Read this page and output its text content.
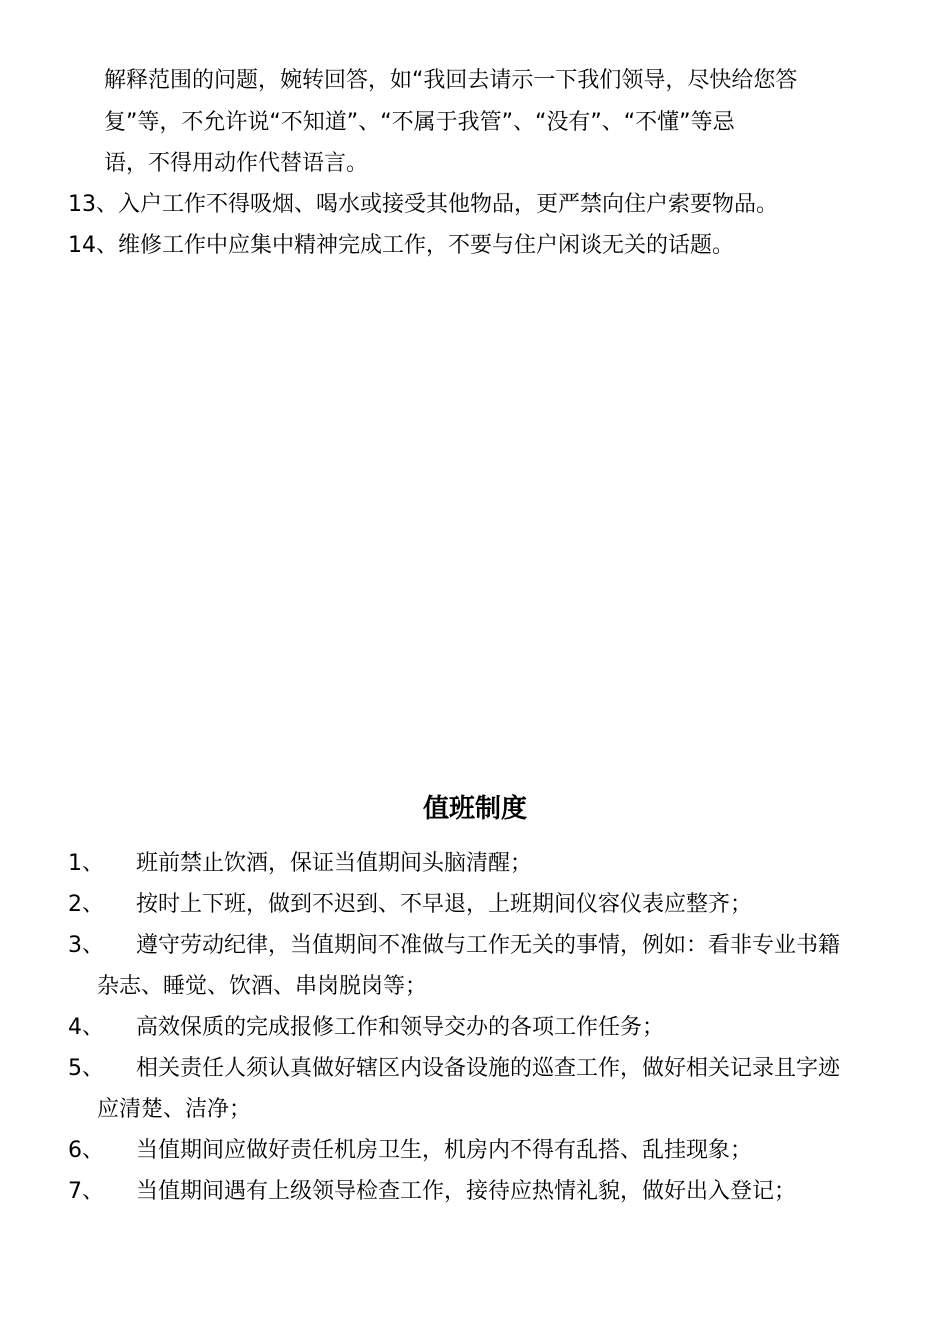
解释范围的问题，婉转回答，如“我回去请示一下我们领导，尽快给您答
复”等，不允许说“不知道”、“不属于我管”、“没有”、“不懂”等忌
语，不得用动作代替语言。
13、入户工作不得吸烟、喝水或接受其他物品，更严禁向住户索要物品。
14、维修工作中应集中精神完成工作，不要与住户闲谈无关的话题。
值班制度
1、 班前禁止饮酒，保证当值期间头脑清醒；
2、 按时上下班，做到不迟到、不早退，上班期间仪容仪表应整齐；
3、 遵守劳动纪律，当值期间不准做与工作无关的事情，例如：看非专业书籍
杂志、睡觉、饮酒、串岗脱岗等；
4、 高效保质的完成报修工作和领导交办的各项工作任务；
5、 相关责任人须认真做好辖区内设备设施的巡查工作，做好相关记录且字迹
应清楚、洁净；
6、 当值期间应做好责任机房卫生，机房内不得有乱搭、乱挂现象；
7、 当值期间遇有上级领导检查工作，接待应热情礼貌，做好出入登记；
